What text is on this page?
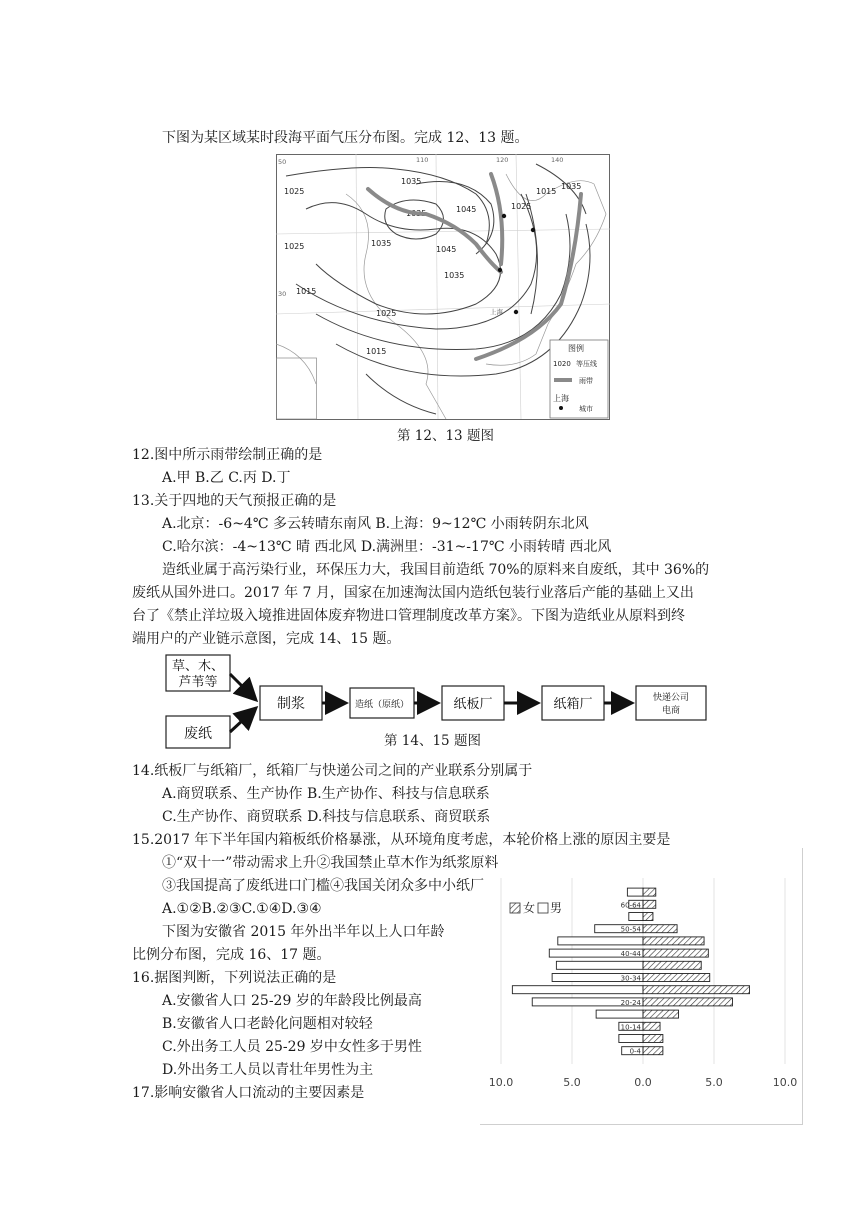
下图为某区域某时段海平面气压分布图。完成 12、13 题。
1025
1035
1025	1035
1035	1045
1045
1035
1025
1015
1025
1015
1015
1035
50
30
110	120	140
上海
图例
1020 等压线
雨带
上海
城市
第 12、13 题图
12.图中所示雨带绘制正确的是
A.甲 B.乙 C.丙 D.丁
13.关于四地的天气预报正确的是
A.北京：-6~4℃ 多云转晴东南风 B.上海：9~12℃ 小雨转阴东北风
C.哈尔滨：-4~13℃ 晴 西北风 D.满洲里：-31~-17℃ 小雨转晴 西北风
造纸业属于高污染行业，环保压力大，我国目前造纸 70%的原料来自废纸，其中 36%的
废纸从国外进口。2017 年 7 月，国家在加速淘汰国内造纸包装行业落后产能的基础上又出
台了《禁止洋垃圾入境推进固体废弃物进口管理制度改革方案》。下图为造纸业从原料到终
端用户的产业链示意图，完成 14、15 题。
草、木、
芦苇等
废纸
制浆	造纸（原纸）	纸板厂	纸箱厂	快递公司
电商
第 14、15 题图
14.纸板厂与纸箱厂，纸箱厂与快递公司之间的产业联系分别属于
A.商贸联系、生产协作 B.生产协作、科技与信息联系
C.生产协作、商贸联系 D.科技与信息联系、商贸联系
15.2017 年下半年国内箱板纸价格暴涨，从环境角度考虑，本轮价格上涨的原因主要是
①“双十一”带动需求上升②我国禁止草木作为纸浆原料
③我国提高了废纸进口门槛④我国关闭众多中小纸厂
A.①②B.②③C.①④D.③④
下图为安徽省 2015 年外出半年以上人口年龄
比例分布图，完成 16、17 题。
16.据图判断，下列说法正确的是
A.安徽省人口 25-29 岁的年龄段比例最高
B.安徽省人口老龄化问题相对较轻
C.外出务工人员 25-29 岁中女性多于男性
D.外出务工人员以青壮年男性为主
17.影响安徽省人口流动的主要因素是
0-4
10-14
20-24
30-34
40-44
50-54
60-64
10.0	5.0	0.0	5.0	10.0
女 男
